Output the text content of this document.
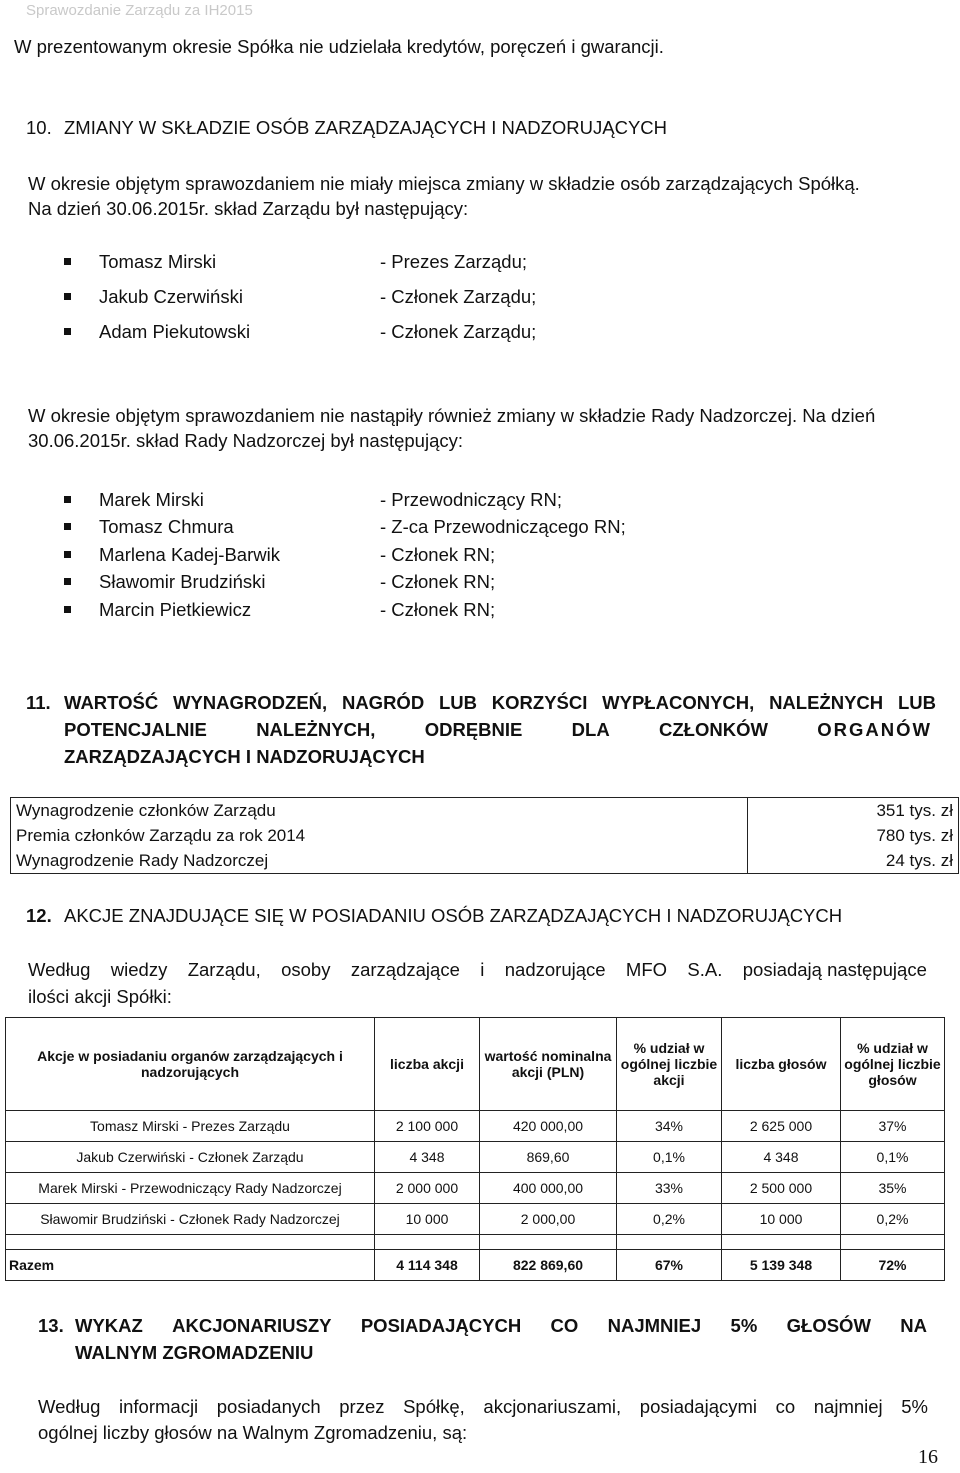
Sprawozdanie Zarządu za IH2015
W prezentowanym okresie Spółka nie udzielała kredytów, poręczeń i gwarancji.
10. ZMIANY W SKŁADZIE OSÓB ZARZĄDZAJĄCYCH I NADZORUJĄCYCH
W okresie objętym sprawozdaniem nie miały miejsca zmiany w składzie osób zarządzających Spółką.
Na dzień 30.06.2015r. skład Zarządu był następujący:
Tomasz Mirski	- Prezes Zarządu;
Jakub Czerwiński	- Członek Zarządu;
Adam Piekutowski	- Członek Zarządu;
W okresie objętym sprawozdaniem nie nastąpiły również zmiany w składzie Rady Nadzorczej. Na dzień
30.06.2015r. skład Rady Nadzorczej był następujący:
Marek Mirski	- Przewodniczący RN;
Tomasz Chmura	- Z-ca Przewodniczącego RN;
Marlena Kadej-Barwik	- Członek RN;
Sławomir Brudziński	- Członek RN;
Marcin Pietkiewicz	- Członek RN;
11. WARTOŚĆ WYNAGRODZEŃ, NAGRÓD LUB KORZYŚCI WYPŁACONYCH, NALEŻNYCH LUB
POTENCJALNIE	NALEŻNYCH,	ODRĘBNIE	DLA	CZŁONKÓW	ORGANÓW
ZARZĄDZAJĄCYCH I NADZORUJĄCYCH
Wynagrodzenie członków Zarządu	351 tys. zł
Premia członków Zarządu za rok 2014	780 tys. zł
Wynagrodzenie Rady Nadzorczej	24 tys. zł
12. AKCJE ZNAJDUJĄCE SIĘ W POSIADANIU OSÓB ZARZĄDZAJĄCYCH I NADZORUJĄCYCH
Według wiedzy Zarządu, osoby zarządzające i nadzorujące MFO S.A. posiadają następujące
ilości akcji Spółki:
Akcje w posiadaniu organów zarządzających i nadzorujących	liczba akcji	wartość nominalna akcji (PLN)	% udział w ogólnej liczbie akcji	liczba głosów	% udział w ogólnej liczbie głosów
Tomasz Mirski - Prezes Zarządu	2 100 000	420 000,00	34%	2 625 000	37%
Jakub Czerwiński - Członek Zarządu	4 348	869,60	0,1%	4 348	0,1%
Marek Mirski - Przewodniczący Rady Nadzorczej	2 000 000	400 000,00	33%	2 500 000	35%
Sławomir Brudziński - Członek Rady Nadzorczej	10 000	2 000,00	0,2%	10 000	0,2%

Razem	4 114 348	822 869,60	67%	5 139 348	72%
13. WYKAZ AKCJONARIUSZY POSIADAJĄCYCH CO NAJMNIEJ 5% GŁOSÓW NA
WALNYM ZGROMADZENIU
Według informacji posiadanych przez Spółkę, akcjonariuszami, posiadającymi co najmniej 5%
ogólnej liczby głosów na Walnym Zgromadzeniu, są:
16
